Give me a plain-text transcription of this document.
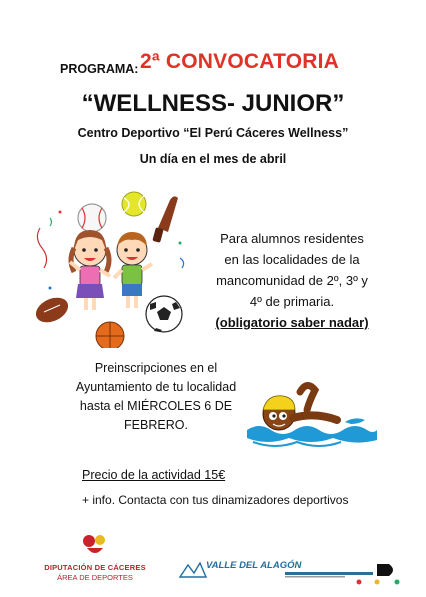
PROGRAMA: 2ª CONVOCATORIA
“WELLNESS- JUNIOR”
Centro Deportivo “El Perú Cáceres Wellness”
Un día en el mes de abril
Para alumnos residentes
en las localidades de la
mancomunidad de 2º, 3º y
4º de primaria.
(obligatorio saber nadar)
Preinscripciones en el
Ayuntamiento de tu localidad
hasta el MIÉRCOLES 6 DE
FEBRERO.
Precio de la actividad 15€
+ info. Contacta con tus dinamizadores deportivos
DIPUTACIÓN DE CÁCERES
ÁREA DE DEPORTES
VALLE DEL ALAGÓN
